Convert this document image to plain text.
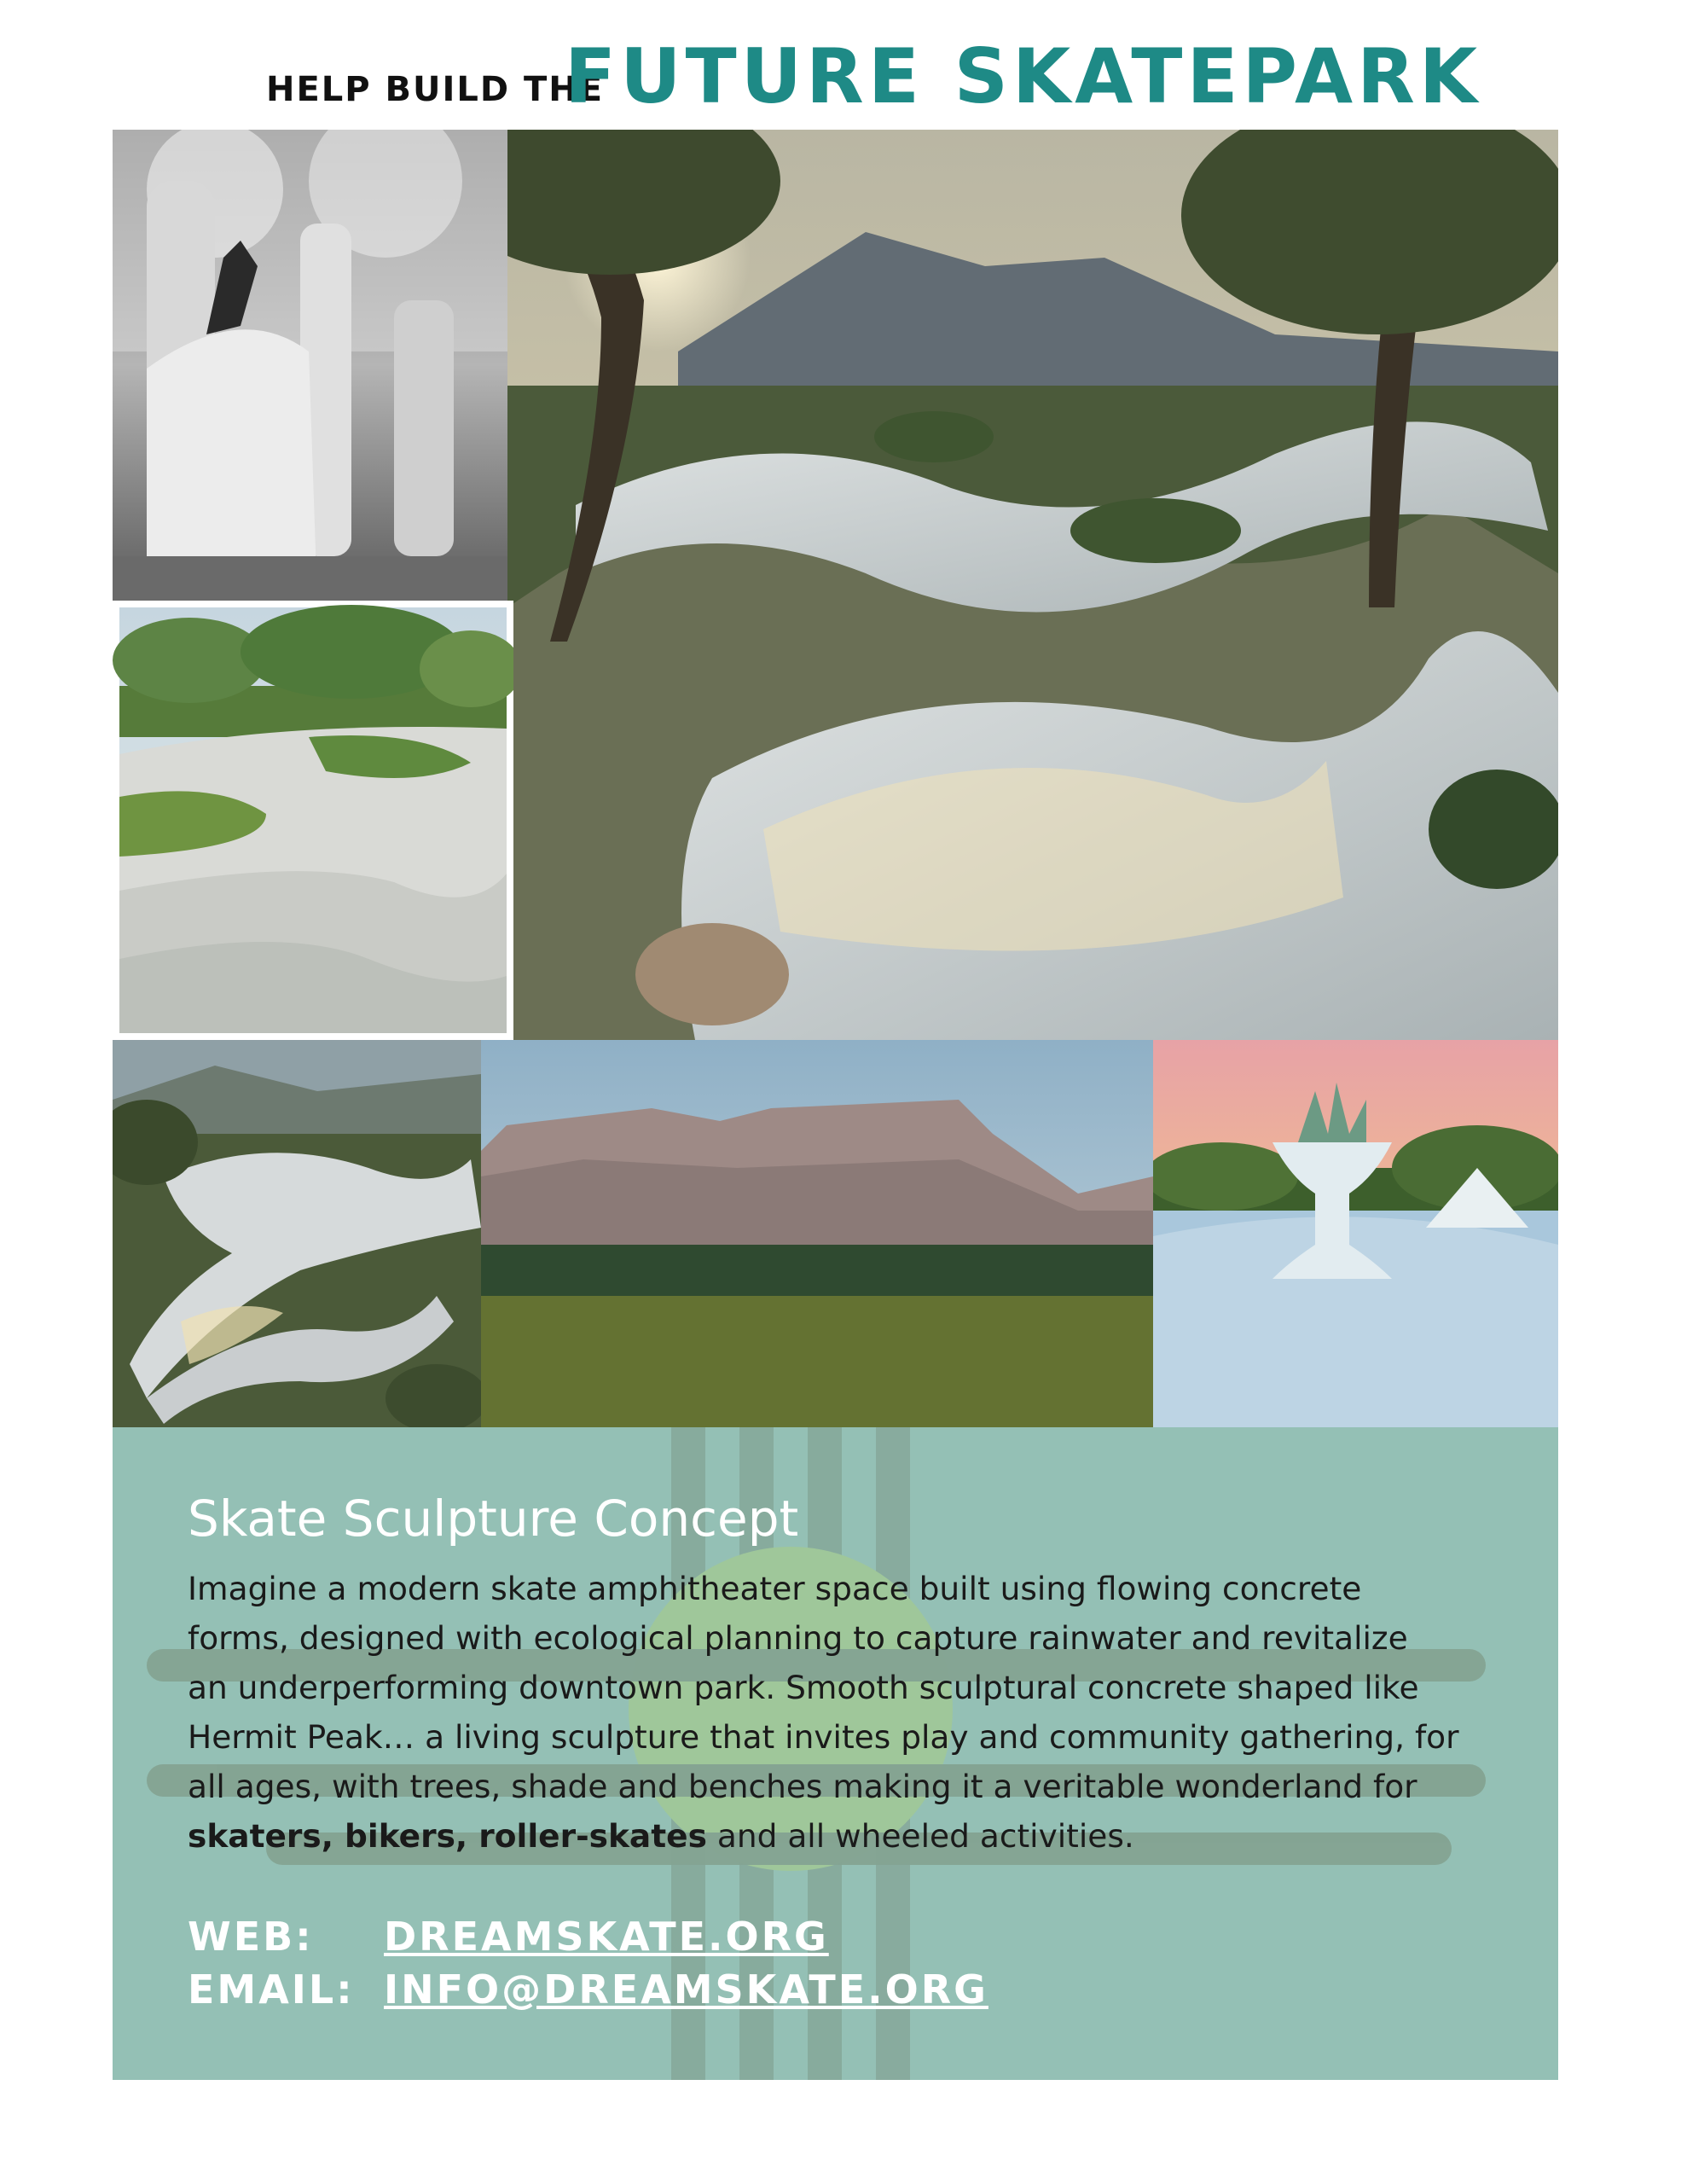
HELP BUILD THE
FUTURE SKATEPARK
Skate Sculpture Concept
Imagine a modern skate amphitheater space built using flowing concrete
forms, designed with ecological planning to capture rainwater and revitalize
an underperforming downtown park. Smooth sculptural concrete shaped like
Hermit Peak… a living sculpture that invites play and community gathering, for
all ages, with trees, shade and benches making it a veritable wonderland for
skaters, bikers, roller-skates and all wheeled activities.
WEB: DREAMSKATE.ORG
EMAIL: INFO@DREAMSKATE.ORG
